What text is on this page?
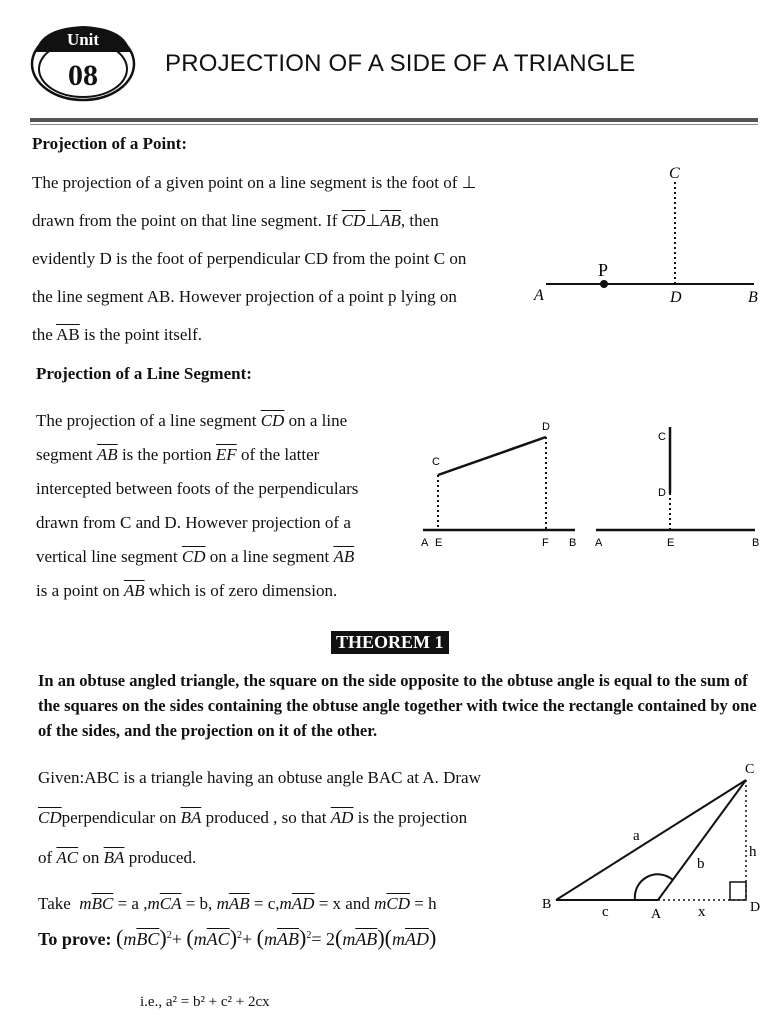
Unit
08	PROJECTION OF A SIDE OF A TRIANGLE
Projection of a Point:
The projection of a given point on a line segment is the foot of ⊥
drawn from the point on that line segment. If $\overline{CD}\perp\overline{AB}$, then
evidently D is the foot of perpendicular CD from the point C on
the line segment AB. However projection of a point p lying on
the $\overline{AB}$ is the point itself.
C
P
A	D	B
Projection of a Line Segment:
The projection of a line segment $\overline{CD}$ on a line
segment $\overline{AB}$ is the portion $\overline{EF}$ of the latter
intercepted between foots of the perpendiculars
drawn from C and D. However projection of a
vertical line segment $\overline{CD}$ on a line segment $\overline{AB}$
is a point on $\overline{AB}$ which is of zero dimension.
C
D
A E	F B
C
D
A	E	B
THEOREM 1
In an obtuse angled triangle, the square on the side opposite to the obtuse angle is equal to the sum of the squares on the sides containing the obtuse angle together with twice the rectangle contained by one of the sides, and the projection on it of the other.
Given:ABC is a triangle having an obtuse angle BAC at A. Draw
$\overline{CD}perpendicular$ on $\overline{BA}$ produced , so that $\overline{AD}$ is the projection
of $\overline{AC}$ on $\overline{BA}$ produced.
Take $m\overline{BC} = a$ $,m\overline{CA} = b$, $m\overline{AB} = c,m\overline{AD} = x$ and $m\overline{CD} = h$
C
B
A	D
a
b
c	x
h
To prove: $(m\overline{BC})^2+ (m\overline{AC})^2+ (m\overline{AB})^2= 2(m\overline{AB})(m\overline{AD})$
i.e., a² = b² + c² + 2cx
